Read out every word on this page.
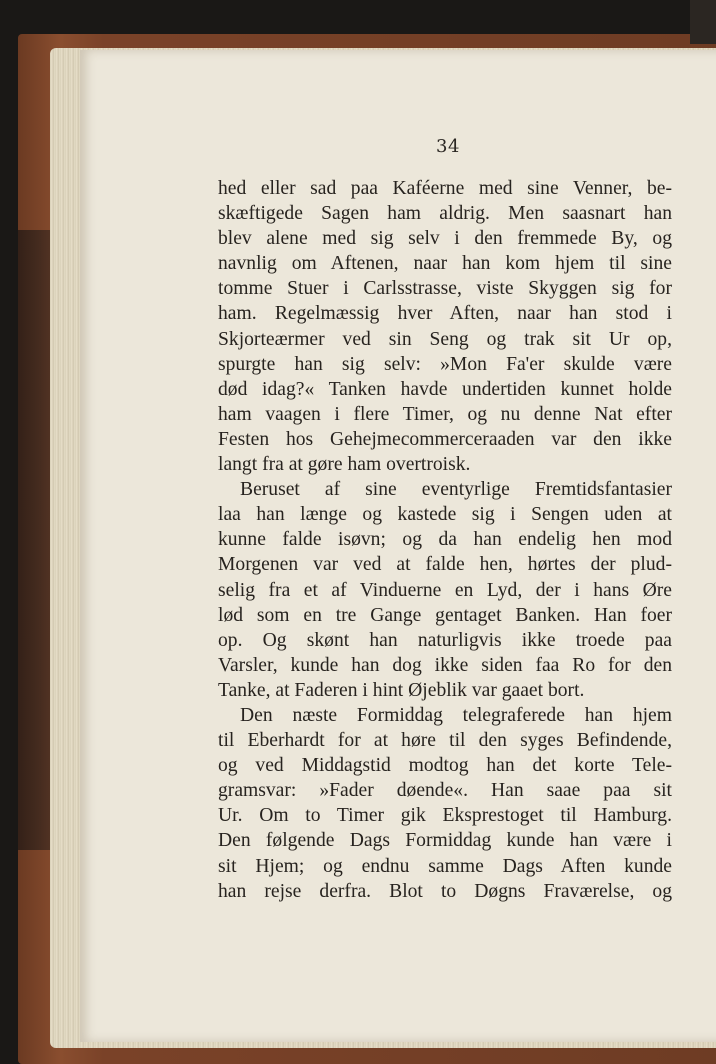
34
hed eller sad paa Kaféerne med sine Venner, be-
skæftigede Sagen ham aldrig. Men saasnart han
blev alene med sig selv i den fremmede By, og
navnlig om Aftenen, naar han kom hjem til sine
tomme Stuer i Carlsstrasse, viste Skyggen sig for
ham. Regelmæssig hver Aften, naar han stod i
Skjorteærmer ved sin Seng og trak sit Ur op,
spurgte han sig selv: »Mon Fa'er skulde være
død idag?« Tanken havde undertiden kunnet holde
ham vaagen i flere Timer, og nu denne Nat efter
Festen hos Gehejmecommerceraaden var den ikke
langt fra at gøre ham overtroisk.
Beruset af sine eventyrlige Fremtidsfantasier
laa han længe og kastede sig i Sengen uden at
kunne falde isøvn; og da han endelig hen mod
Morgenen var ved at falde hen, hørtes der plud-
selig fra et af Vinduerne en Lyd, der i hans Øre
lød som en tre Gange gentaget Banken. Han foer
op. Og skønt han naturligvis ikke troede paa
Varsler, kunde han dog ikke siden faa Ro for den
Tanke, at Faderen i hint Øjeblik var gaaet bort.
Den næste Formiddag telegraferede han hjem
til Eberhardt for at høre til den syges Befindende,
og ved Middagstid modtog han det korte Tele-
gramsvar: »Fader døende«. Han saae paa sit
Ur. Om to Timer gik Eksprestoget til Hamburg.
Den følgende Dags Formiddag kunde han være i
sit Hjem; og endnu samme Dags Aften kunde
han rejse derfra. Blot to Døgns Fraværelse, og
